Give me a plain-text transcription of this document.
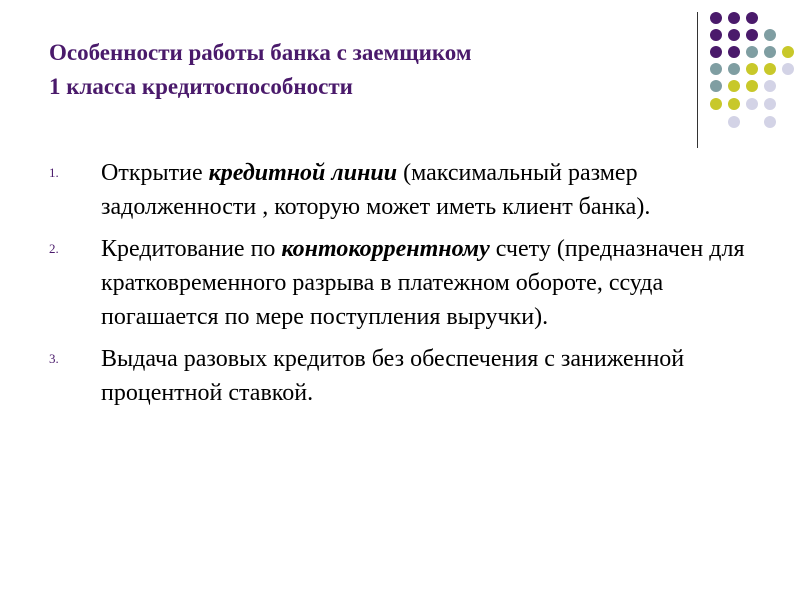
Особенности работы банка с заемщиком
1 класса кредитоспособности
1.	Открытие кредитной линии (максимальный размер задолженности , которую может иметь клиент банка).
2.	Кредитование по контокоррентному счету (предназначен для кратковременного разрыва в платежном обороте, ссуда погашается по мере поступления выручки).
3.	Выдача разовых кредитов без обеспечения с заниженной процентной ставкой.
